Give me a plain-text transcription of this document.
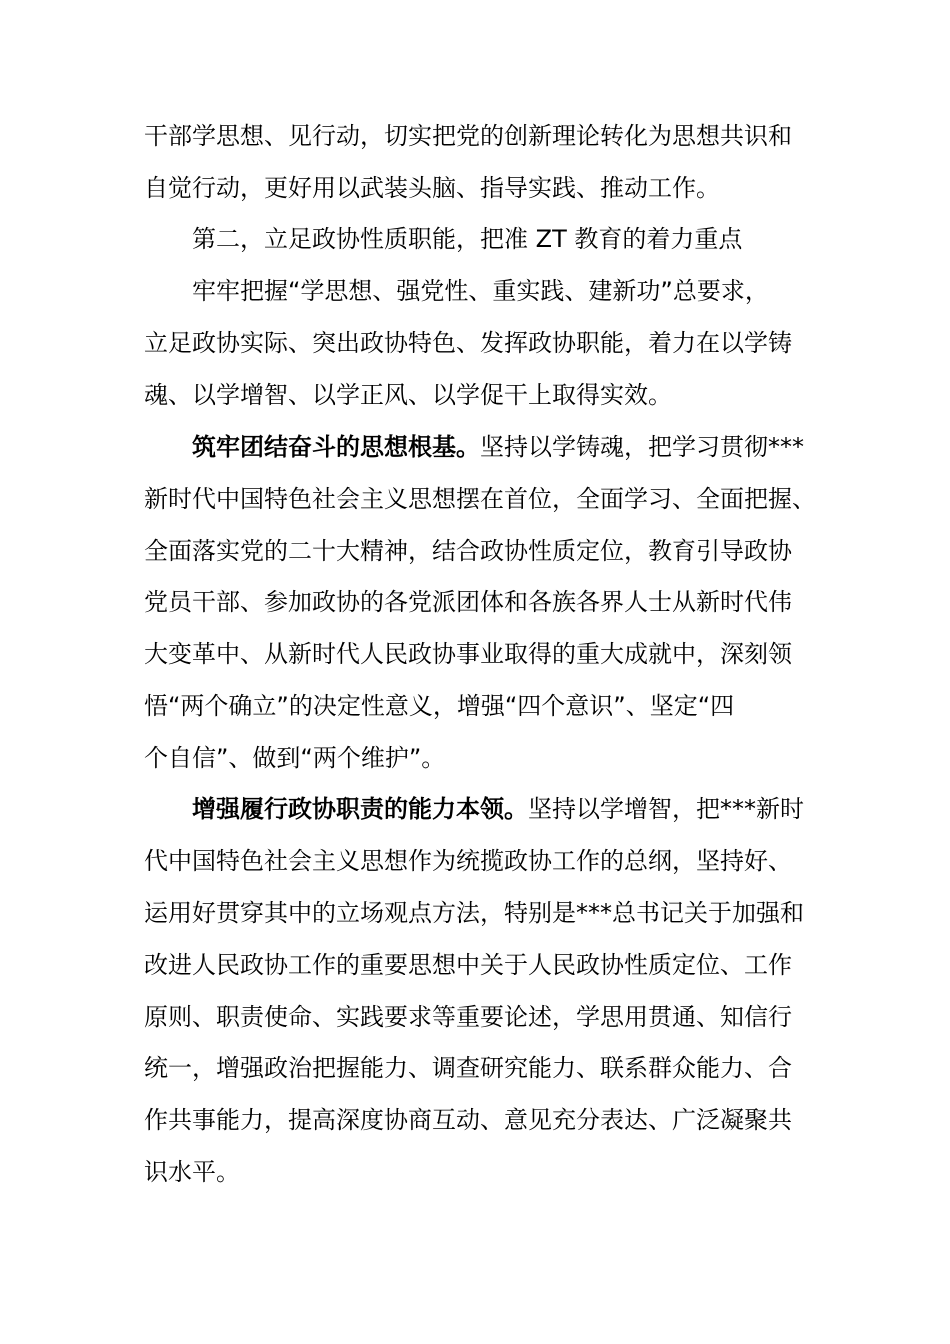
干部学思想、见行动，切实把党的创新理论转化为思想共识和
自觉行动，更好用以武装头脑、指导实践、推动工作。
第二，立足政协性质职能，把准 ZT 教育的着力重点
牢牢把握“学思想、强党性、重实践、建新功”总要求，
立足政协实际、突出政协特色、发挥政协职能，着力在以学铸
魂、以学增智、以学正风、以学促干上取得实效。
筑牢团结奋斗的思想根基。坚持以学铸魂，把学习贯彻***
新时代中国特色社会主义思想摆在首位，全面学习、全面把握、
全面落实党的二十大精神，结合政协性质定位，教育引导政协
党员干部、参加政协的各党派团体和各族各界人士从新时代伟
大变革中、从新时代人民政协事业取得的重大成就中，深刻领
悟“两个确立”的决定性意义，增强“四个意识”、坚定“四
个自信”、做到“两个维护”。
增强履行政协职责的能力本领。坚持以学增智，把***新时
代中国特色社会主义思想作为统揽政协工作的总纲，坚持好、
运用好贯穿其中的立场观点方法，特别是***总书记关于加强和
改进人民政协工作的重要思想中关于人民政协性质定位、工作
原则、职责使命、实践要求等重要论述，学思用贯通、知信行
统一，增强政治把握能力、调查研究能力、联系群众能力、合
作共事能力，提高深度协商互动、意见充分表达、广泛凝聚共
识水平。
